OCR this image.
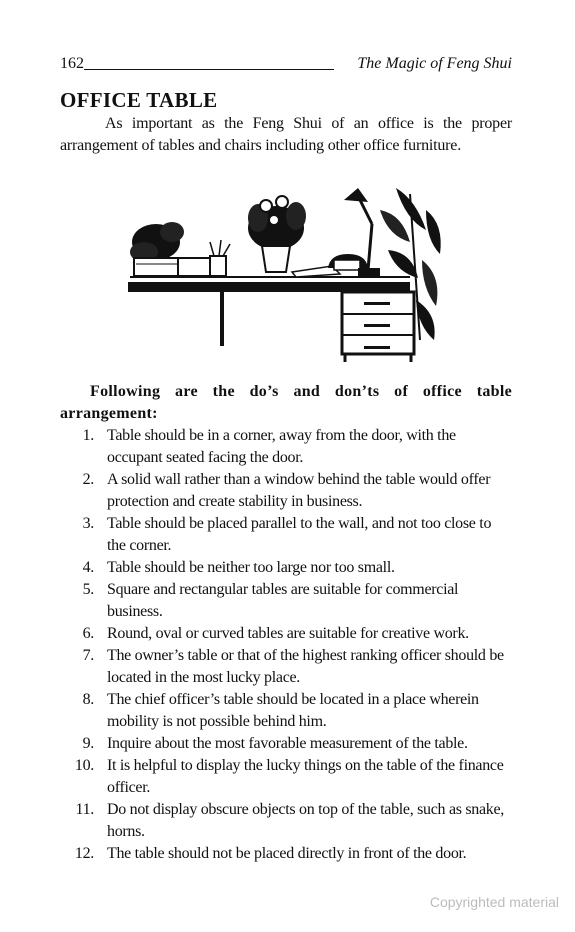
162	The Magic of Feng Shui
OFFICE TABLE

As important as the Feng Shui of an office is the proper arrangement of tables and chairs including other office furniture.

Following are the do’s and don’ts of office table arrangement:

1. Table should be in a corner, away from the door, with the occupant seated facing the door.
2. A solid wall rather than a window behind the table would offer protection and create stability in business.
3. Table should be placed parallel to the wall, and not too close to the corner.
4. Table should be neither too large nor too small.
5. Square and rectangular tables are suitable for commercial business.
6. Round, oval or curved tables are suitable for creative work.
7. The owner’s table or that of the highest ranking officer should be located in the most lucky place.
8. The chief officer’s table should be located in a place wherein mobility is not possible behind him.
9. Inquire about the most favorable measurement of the table.
10. It is helpful to display the lucky things on the table of the finance officer.
11. Do not display obscure objects on top of the table, such as snake, horns.
12. The table should not be placed directly in front of the door.
Copyrighted material
